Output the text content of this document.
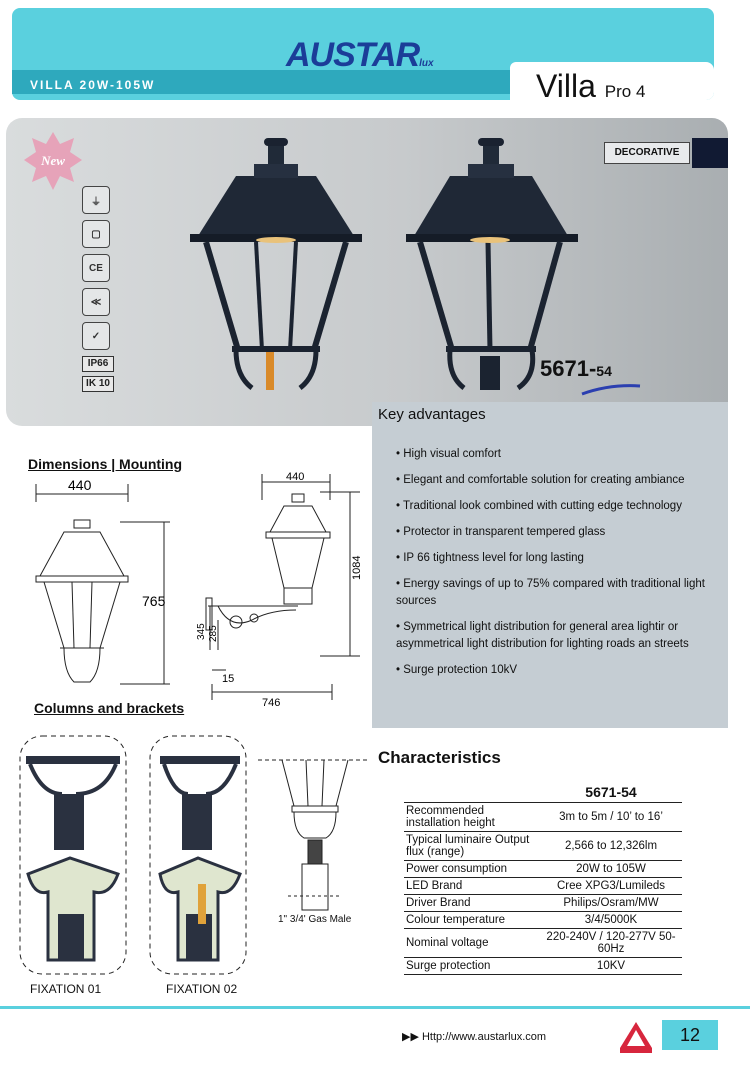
VILLA 20W-105W
AUSTARlux
Villa Pro 4
New
⏚
▢
CE
≪
✓
IP66
IK 10
DECORATIVE
5671-54
Key advantages
• High visual comfort
• Elegant and comfortable solution for creating ambiance
• Traditional look combined with cutting edge technology
• Protector in transparent tempered glass
• IP 66 tightness level for long lasting
• Energy savings of up to 75% compared with traditional light sources
• Symmetrical light distribution for general area lightir or asymmetrical light distribution for lighting roads an streets
• Surge protection 10kV
Dimensions | Mounting
440
765
440
1084
345 285
15
746
Columns and brackets
FIXATION 01	FIXATION 02
1" 3/4' Gas Male
Characteristics
	5671-54
Recommended installation height	3m to 5m / 10’ to 16’
Typical luminaire Output flux (range)	2,566 to 12,326lm
Power consumption	20W to 105W
LED Brand	Cree XPG3/Lumileds
Driver Brand	Philips/Osram/MW
Colour temperature	3/4/5000K
Nominal voltage	220-240V / 120-277V 50-60Hz
Surge protection	10KV
▶▶ Http://www.austarlux.com	12
